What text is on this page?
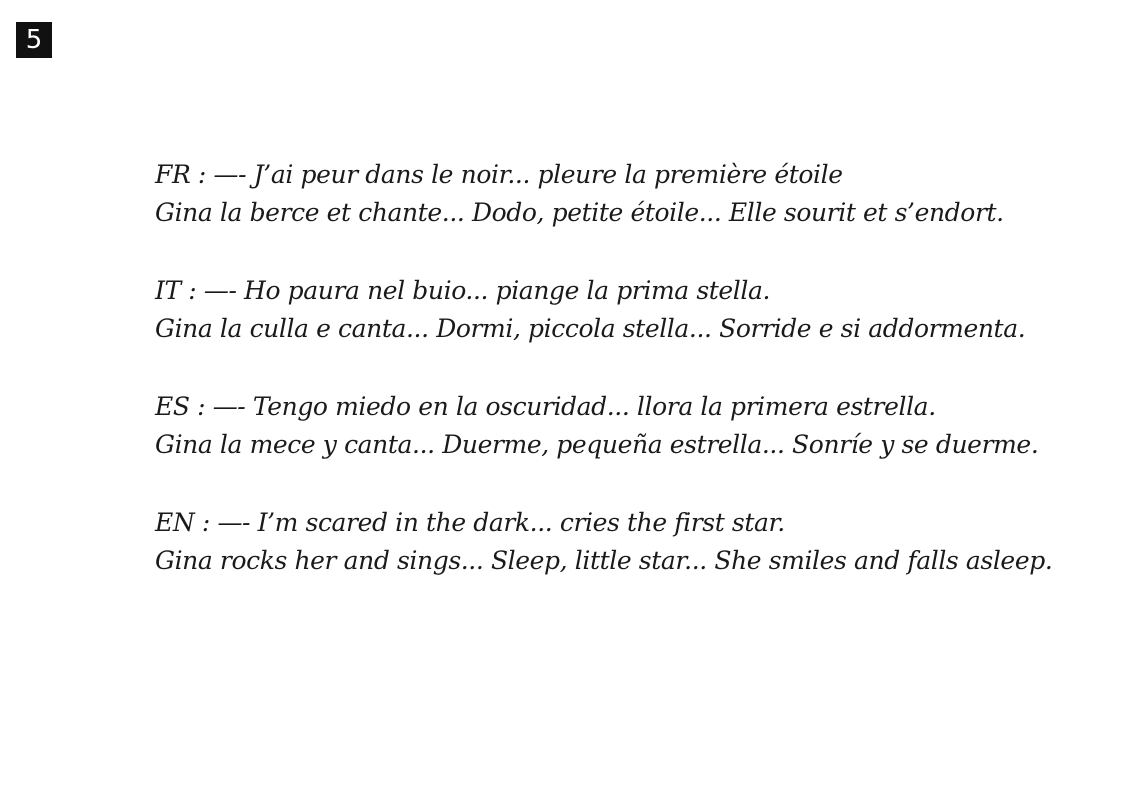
5
FR : —- J’ai peur dans le noir... pleure la première étoile
Gina la berce et chante... Dodo, petite étoile... Elle sourit et s’endort.
IT : —- Ho paura nel buio... piange la prima stella.
Gina la culla e canta... Dormi, piccola stella... Sorride e si addormenta.
ES : —- Tengo miedo en la oscuridad... llora la primera estrella.
Gina la mece y canta... Duerme, pequeña estrella... Sonríe y se duerme.
EN : —- I’m scared in the dark... cries the first star.
Gina rocks her and sings... Sleep, little star... She smiles and falls asleep.
